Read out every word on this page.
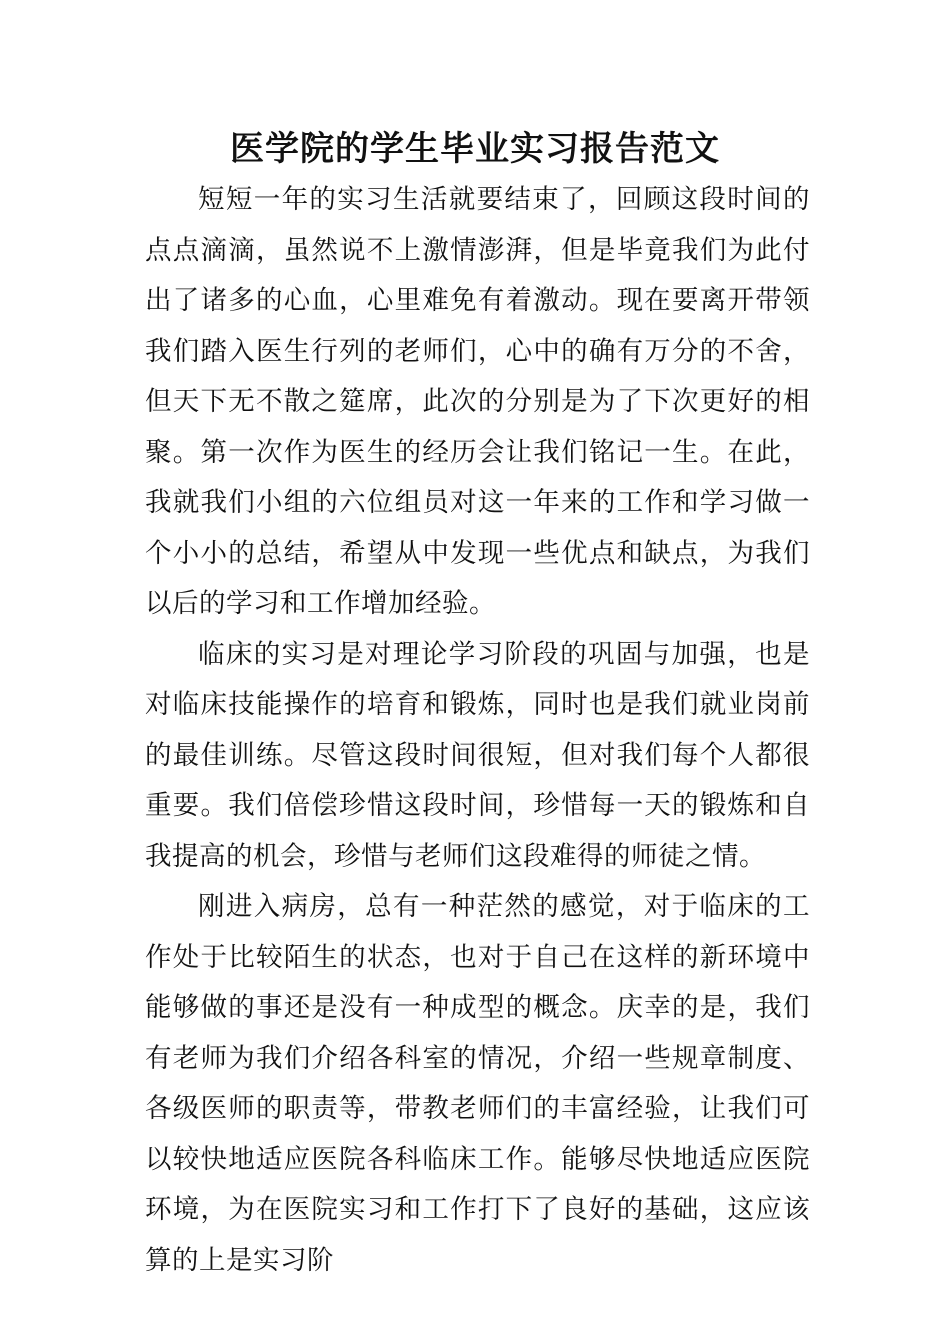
医学院的学生毕业实习报告范文

短短一年的实习生活就要结束了，回顾这段时间的点点滴滴，虽然说不上激情澎湃，但是毕竟我们为此付出了诸多的心血，心里难免有着激动。现在要离开带领我们踏入医生行列的老师们，心中的确有万分的不舍，但天下无不散之筵席，此次的分别是为了下次更好的相聚。第一次作为医生的经历会让我们铭记一生。在此，我就我们小组的六位组员对这一年来的工作和学习做一个小小的总结，希望从中发现一些优点和缺点，为我们以后的学习和工作增加经验。

临床的实习是对理论学习阶段的巩固与加强，也是对临床技能操作的培育和锻炼，同时也是我们就业岗前的最佳训练。尽管这段时间很短，但对我们每个人都很重要。我们倍偿珍惜这段时间，珍惜每一天的锻炼和自我提高的机会，珍惜与老师们这段难得的师徒之情。

刚进入病房，总有一种茫然的感觉，对于临床的工作处于比较陌生的状态，也对于自己在这样的新环境中能够做的事还是没有一种成型的概念。庆幸的是，我们有老师为我们介绍各科室的情况，介绍一些规章制度、各级医师的职责等，带教老师们的丰富经验，让我们可以较快地适应医院各科临床工作。能够尽快地适应医院环境，为在医院实习和工作打下了良好的基础，这应该算的上是实习阶
